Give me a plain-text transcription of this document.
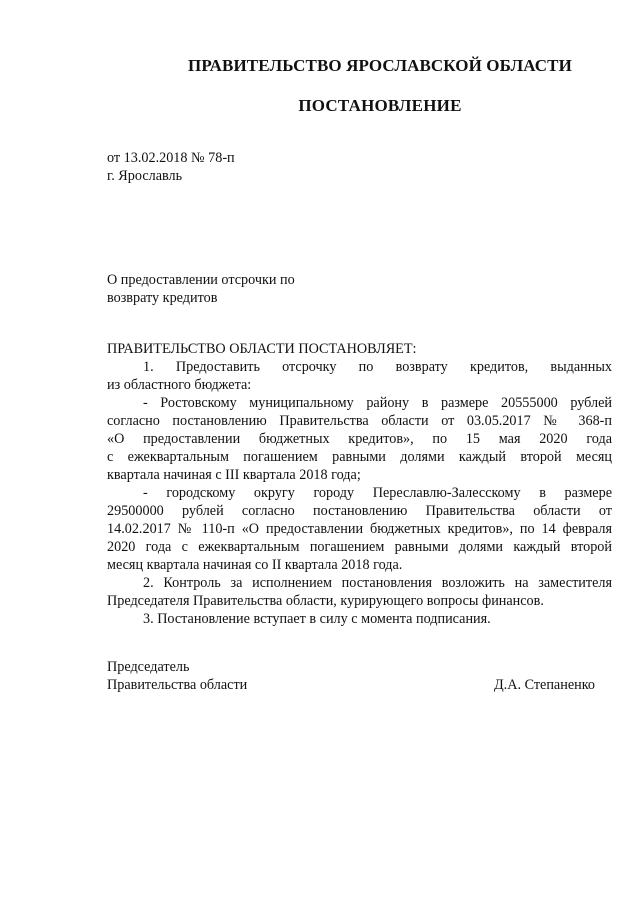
ПРАВИТЕЛЬСТВО ЯРОСЛАВСКОЙ ОБЛАСТИ
ПОСТАНОВЛЕНИЕ
от 13.02.2018 № 78-п
г. Ярославль
О предоставлении отсрочки по
возврату кредитов
ПРАВИТЕЛЬСТВО ОБЛАСТИ ПОСТАНОВЛЯЕТ:
1. Предоставить отсрочку по возврату кредитов, выданных
из областного бюджета:
- Ростовскому муниципальному району в размере 20555000 рублей
согласно постановлению Правительства области от 03.05.2017 № 368-п
«О предоставлении бюджетных кредитов», по 15 мая 2020 года
с ежеквартальным погашением равными долями каждый второй месяц
квартала начиная с III квартала 2018 года;
- городскому округу городу Переславлю-Залесскому в размере
29500000 рублей согласно постановлению Правительства области от
14.02.2017 № 110-п «О предоставлении бюджетных кредитов», по 14 февраля
2020 года с ежеквартальным погашением равными долями каждый второй
месяц квартала начиная со II квартала 2018 года.
2. Контроль за исполнением постановления возложить на заместителя
Председателя Правительства области, курирующего вопросы финансов.
3. Постановление вступает в силу с момента подписания.
Председатель
Правительства области	Д.А. Степаненко
